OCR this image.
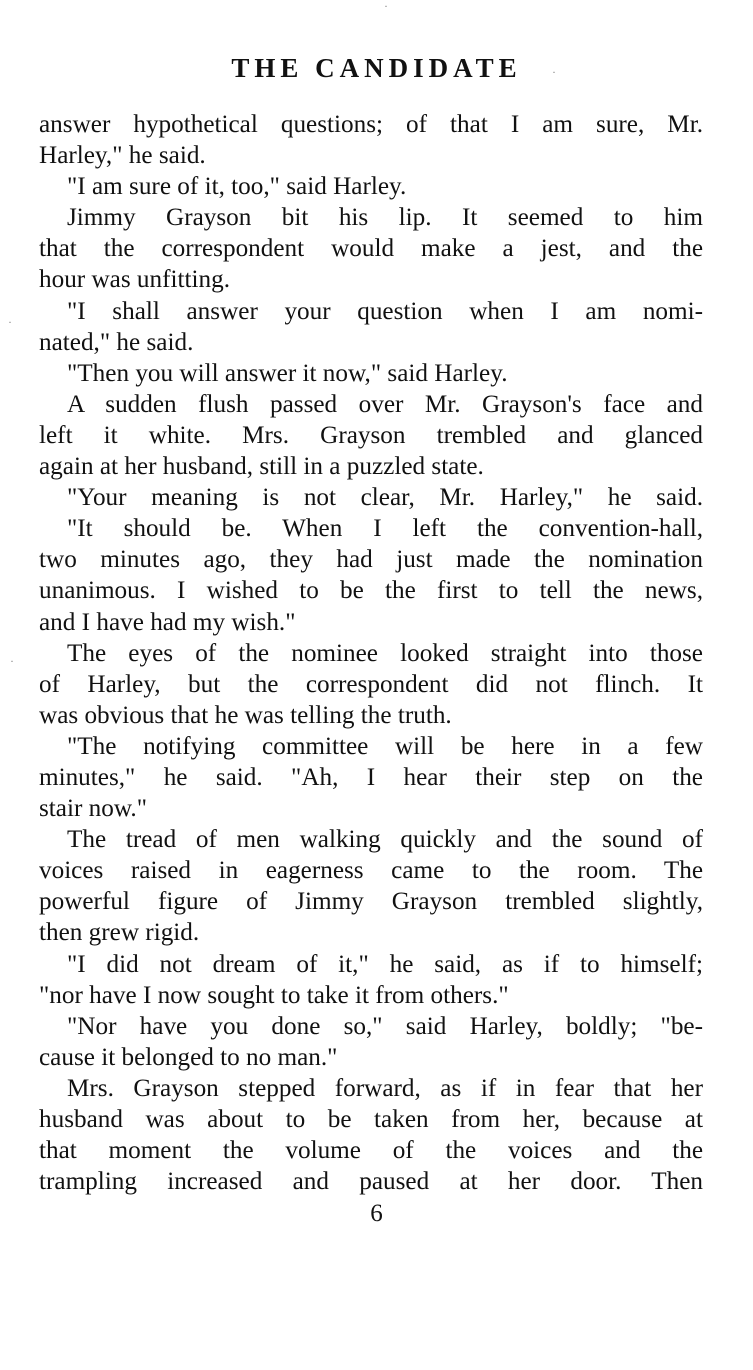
THE CANDIDATE
answer hypothetical questions; of that I am sure, Mr.
Harley," he said.
"I am sure of it, too," said Harley.
Jimmy Grayson bit his lip. It seemed to him
that the correspondent would make a jest, and the
hour was unfitting.
"I shall answer your question when I am nomi-
nated," he said.
"Then you will answer it now," said Harley.
A sudden flush passed over Mr. Grayson's face and
left it white. Mrs. Grayson trembled and glanced
again at her husband, still in a puzzled state.
"Your meaning is not clear, Mr. Harley," he said.
"It should be. When I left the convention-hall,
two minutes ago, they had just made the nomination
unanimous. I wished to be the first to tell the news,
and I have had my wish."
The eyes of the nominee looked straight into those
of Harley, but the correspondent did not flinch. It
was obvious that he was telling the truth.
"The notifying committee will be here in a few
minutes," he said. "Ah, I hear their step on the
stair now."
The tread of men walking quickly and the sound of
voices raised in eagerness came to the room. The
powerful figure of Jimmy Grayson trembled slightly,
then grew rigid.
"I did not dream of it," he said, as if to himself;
"nor have I now sought to take it from others."
"Nor have you done so," said Harley, boldly; "be-
cause it belonged to no man."
Mrs. Grayson stepped forward, as if in fear that her
husband was about to be taken from her, because at
that moment the volume of the voices and the
trampling increased and paused at her door. Then
6
·
·
·
·
